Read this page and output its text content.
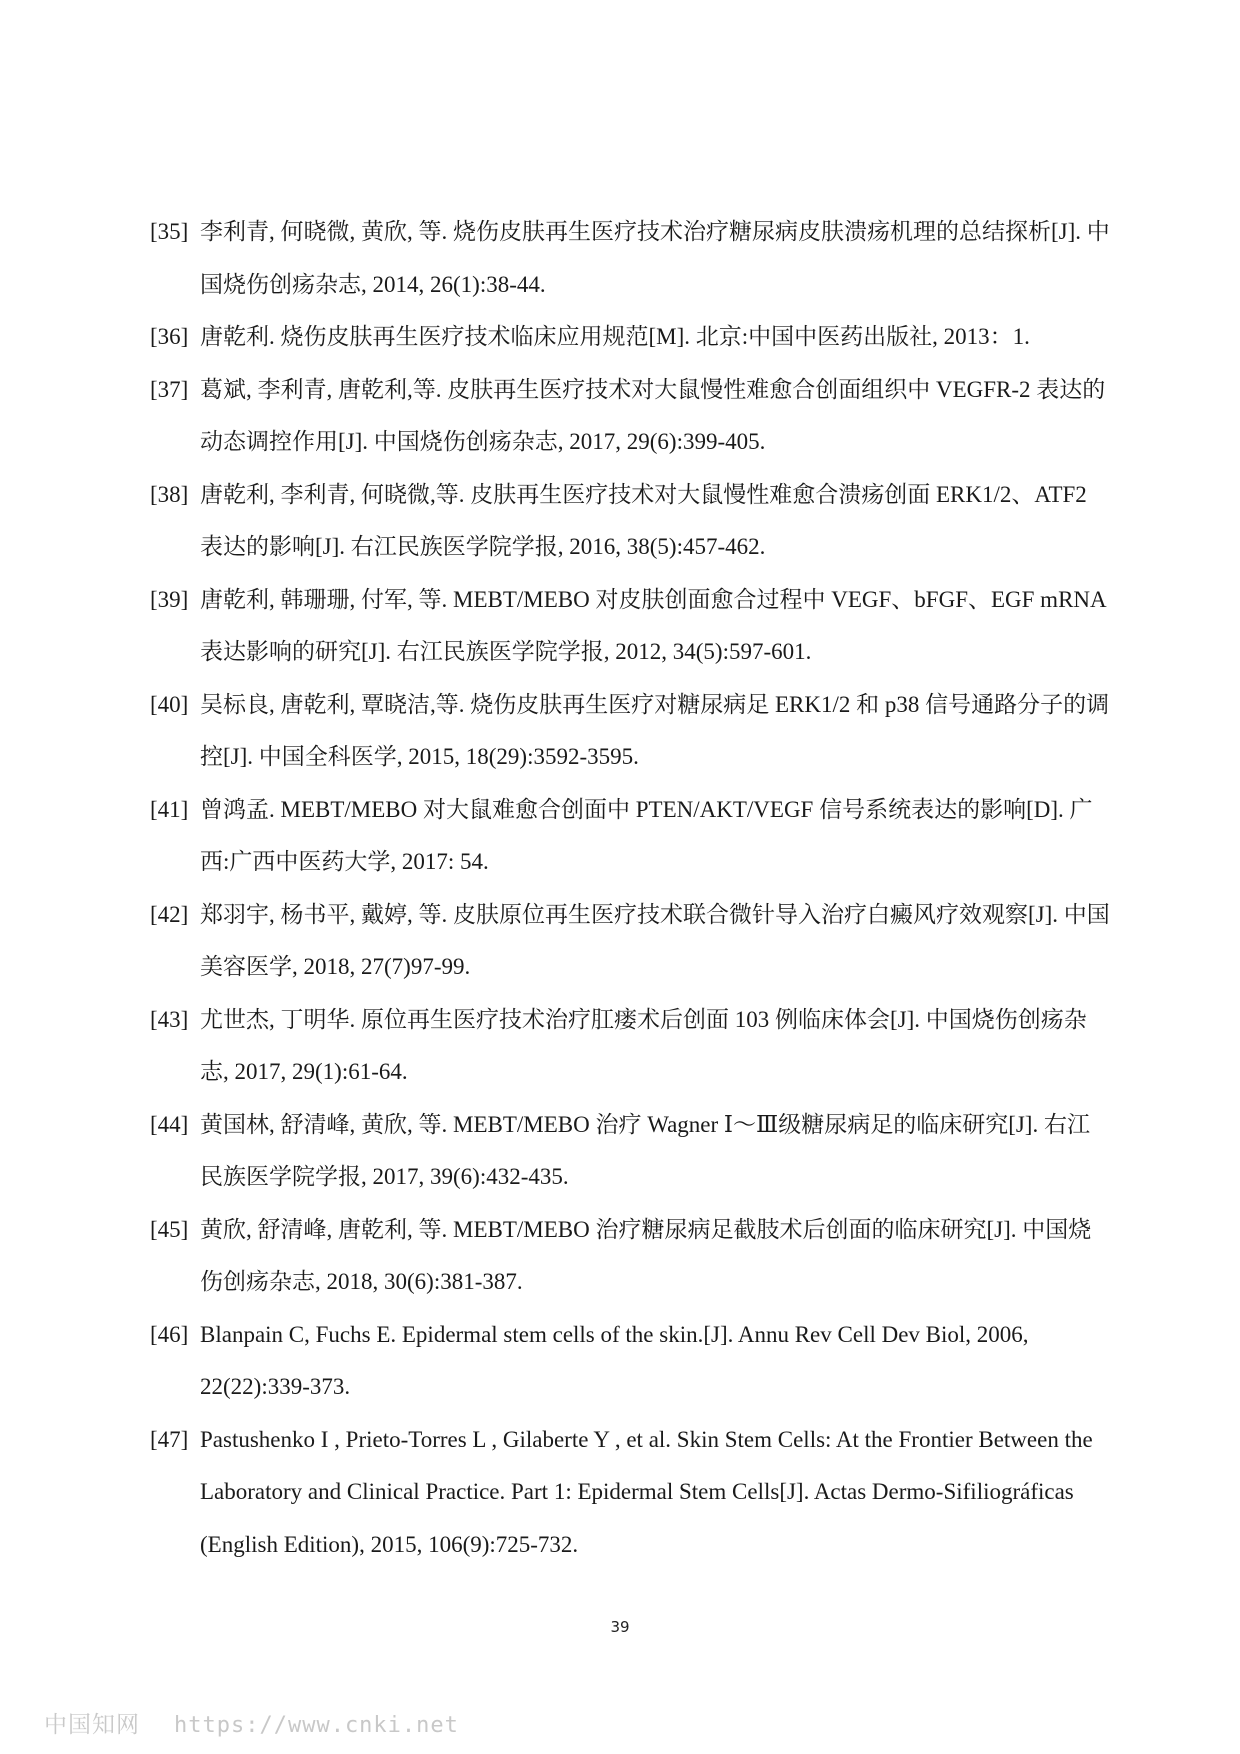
[35] 李利青, 何晓微, 黄欣, 等. 烧伤皮肤再生医疗技术治疗糖尿病皮肤溃疡机理的总结探析[J]. 中国烧伤创疡杂志, 2014, 26(1):38-44.

[36] 唐乾利. 烧伤皮肤再生医疗技术临床应用规范[M]. 北京:中国中医药出版社, 2013：1.

[37] 葛斌, 李利青, 唐乾利,等. 皮肤再生医疗技术对大鼠慢性难愈合创面组织中 VEGFR-2 表达的动态调控作用[J]. 中国烧伤创疡杂志, 2017, 29(6):399-405.

[38] 唐乾利, 李利青, 何晓微,等. 皮肤再生医疗技术对大鼠慢性难愈合溃疡创面 ERK1/2、ATF2 表达的影响[J]. 右江民族医学院学报, 2016, 38(5):457-462.

[39] 唐乾利, 韩珊珊, 付军, 等. MEBT/MEBO 对皮肤创面愈合过程中 VEGF、bFGF、EGF mRNA 表达影响的研究[J]. 右江民族医学院学报, 2012, 34(5):597-601.

[40] 吴标良, 唐乾利, 覃晓洁,等. 烧伤皮肤再生医疗对糖尿病足 ERK1/2 和 p38 信号通路分子的调控[J]. 中国全科医学, 2015, 18(29):3592-3595.

[41] 曾鸿孟. MEBT/MEBO 对大鼠难愈合创面中 PTEN/AKT/VEGF 信号系统表达的影响[D]. 广西:广西中医药大学, 2017: 54.

[42] 郑羽宇, 杨书平, 戴婷, 等. 皮肤原位再生医疗技术联合微针导入治疗白癜风疗效观察[J]. 中国美容医学, 2018, 27(7)97-99.

[43] 尤世杰, 丁明华. 原位再生医疗技术治疗肛瘘术后创面 103 例临床体会[J]. 中国烧伤创疡杂志, 2017, 29(1):61-64.

[44] 黄国林, 舒清峰, 黄欣, 等. MEBT/MEBO 治疗 Wagner Ⅰ～Ⅲ级糖尿病足的临床研究[J]. 右江民族医学院学报, 2017, 39(6):432-435.

[45] 黄欣, 舒清峰, 唐乾利, 等. MEBT/MEBO 治疗糖尿病足截肢术后创面的临床研究[J]. 中国烧伤创疡杂志, 2018, 30(6):381-387.

[46] Blanpain C, Fuchs E. Epidermal stem cells of the skin.[J]. Annu Rev Cell Dev Biol, 2006, 22(22):339-373.

[47] Pastushenko I , Prieto-Torres L , Gilaberte Y , et al. Skin Stem Cells: At the Frontier Between the Laboratory and Clinical Practice. Part 1: Epidermal Stem Cells[J]. Actas Dermo-Sifiliográficas (English Edition), 2015, 106(9):725-732.

39
中国知网 https://www.cnki.net
